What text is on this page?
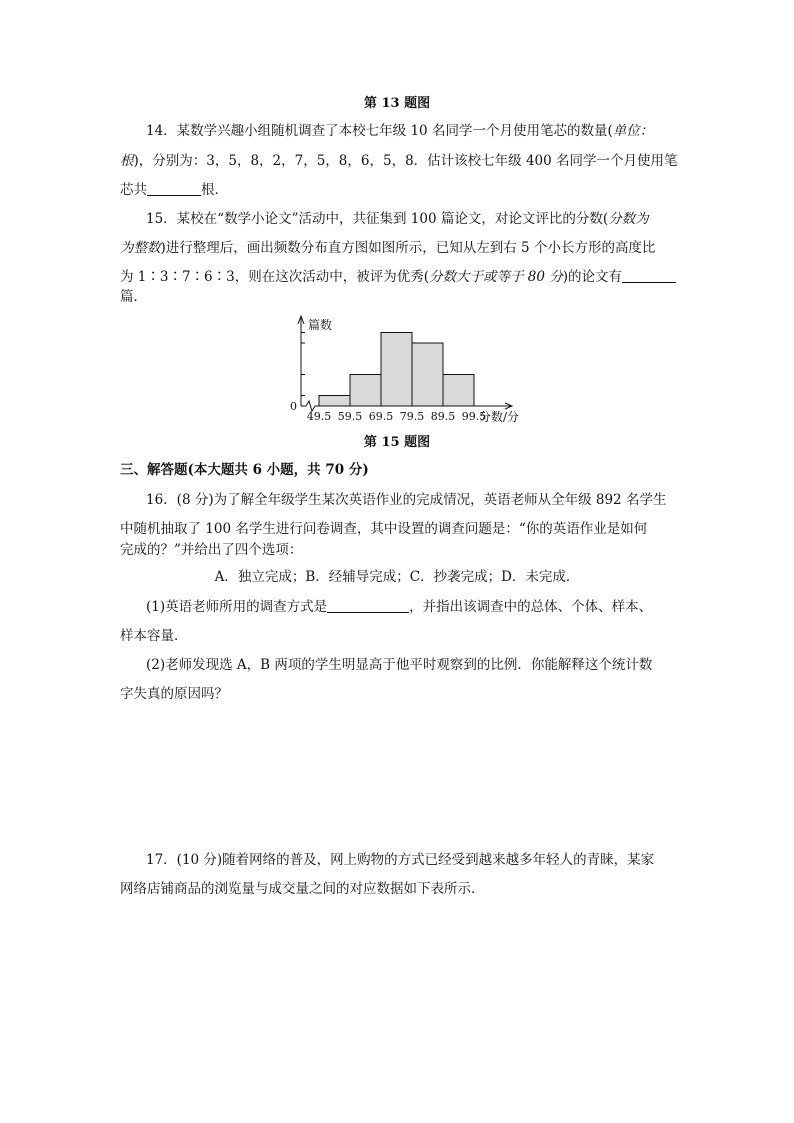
第 13 题图
14．某数学兴趣小组随机调查了本校七年级 10 名同学一个月使用笔芯的数量(单位：
根)，分别为：3，5，8，2，7，5，8，6，5，8．估计该校七年级 400 名同学一个月使用笔
芯共	根．
15．某校在“数学小论文”活动中，共征集到 100 篇论文，对论文评比的分数(分数为
为整数)进行整理后，画出频数分布直方图如图所示，已知从左到右 5 个小长方形的高度比
为 1∶3∶7∶6∶3，则在这次活动中，被评为优秀(分数大于或等于 80 分)的论文有
篇．
篇数
0
49.5 59.5 69.5 79.5 89.5 99.5
分数/分
第 15 题图
三、解答题(本大题共 6 小题，共 70 分)
16．(8 分)为了解全年级学生某次英语作业的完成情况，英语老师从全年级 892 名学生
中随机抽取了 100 名学生进行问卷调查，其中设置的调查问题是：“你的英语作业是如何
完成的？”并给出了四个选项：
A．独立完成；B．经辅导完成；C．抄袭完成；D．未完成．
(1)英语老师所用的调查方式是	，并指出该调查中的总体、个体、样本、
样本容量．
(2)老师发现选 A，B 两项的学生明显高于他平时观察到的比例．你能解释这个统计数
字失真的原因吗？
17．(10 分)随着网络的普及，网上购物的方式已经受到越来越多年轻人的青睐，某家
网络店铺商品的浏览量与成交量之间的对应数据如下表所示．
